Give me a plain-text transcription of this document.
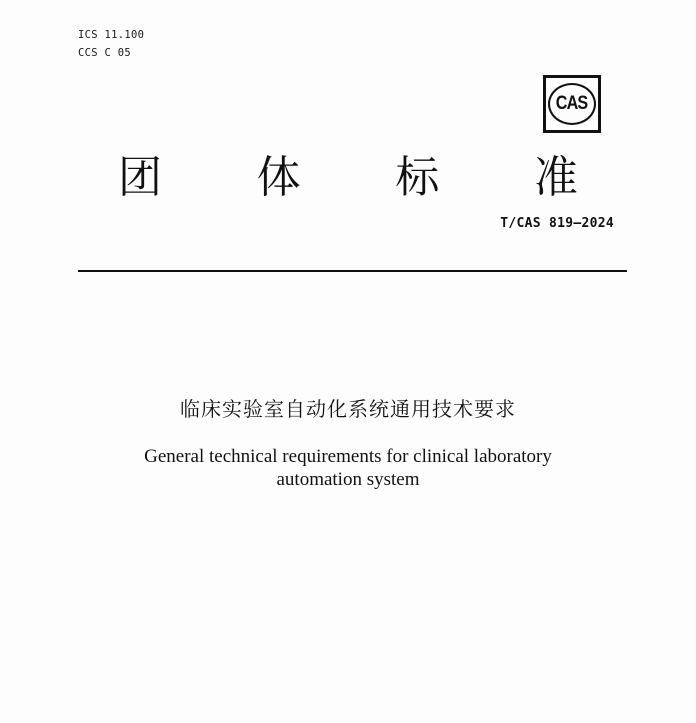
ICS 11.100
CCS C 05
CAS
团 体 标 准
T/CAS 819—2024
临床实验室自动化系统通用技术要求
General technical requirements for clinical laboratory
automation system
